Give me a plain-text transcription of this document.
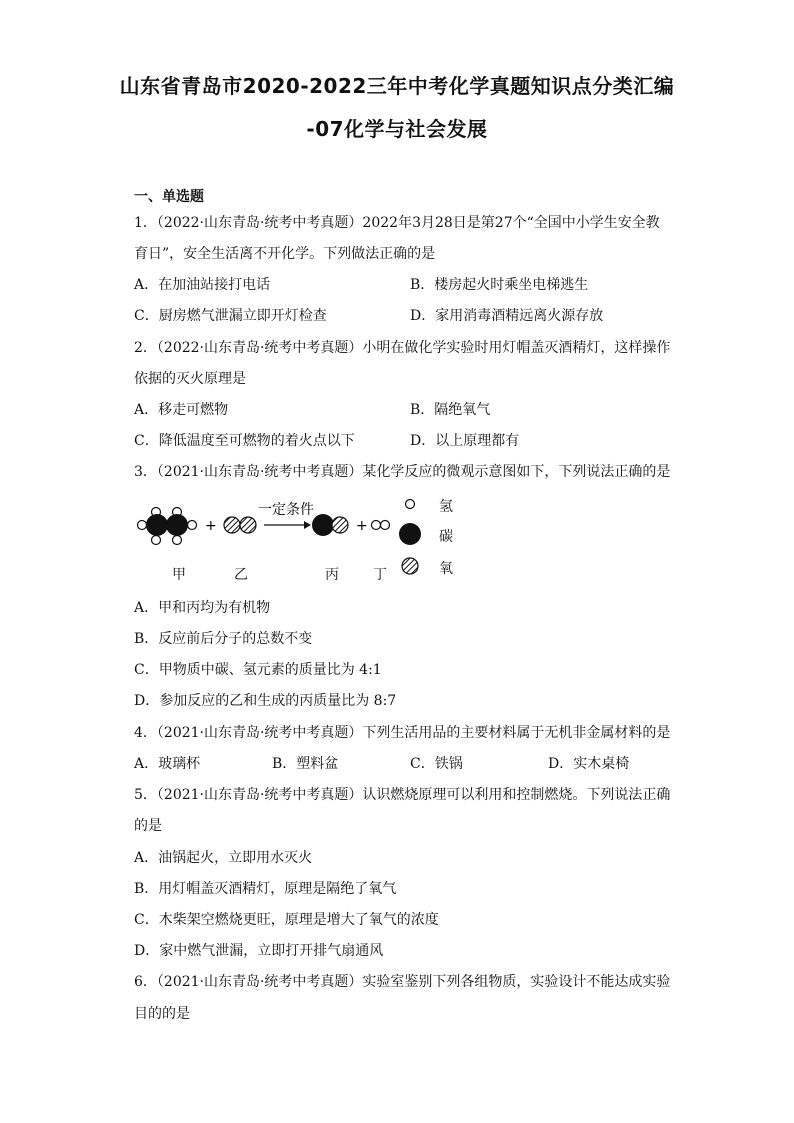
山东省青岛市2020-2022三年中考化学真题知识点分类汇编
-07化学与社会发展
一、单选题
1．（2022·山东青岛·统考中考真题）2022年3月28日是第27个“全国中小学生安全教
育日”，安全生活离不开化学。下列做法正确的是
A．在加油站接打电话	B．楼房起火时乘坐电梯逃生
C．厨房燃气泄漏立即开灯检查	D．家用消毒酒精远离火源存放
2．（2022·山东青岛·统考中考真题）小明在做化学实验时用灯帽盖灭酒精灯，这样操作
依据的灭火原理是
A．移走可燃物	B．隔绝氧气
C．降低温度至可燃物的着火点以下	D．以上原理都有
3．（2021·山东青岛·统考中考真题）某化学反应的微观示意图如下，下列说法正确的是
+
一定条件
+
氢
碳
氧
甲	乙	丙 丁
A．甲和丙均为有机物
B．反应前后分子的总数不变
C．甲物质中碳、氢元素的质量比为 4:1
D．参加反应的乙和生成的丙质量比为 8:7
4．（2021·山东青岛·统考中考真题）下列生活用品的主要材料属于无机非金属材料的是
A．玻璃杯	B．塑料盆	C．铁锅	D．实木桌椅
5．（2021·山东青岛·统考中考真题）认识燃烧原理可以利用和控制燃烧。下列说法正确
的是
A．油锅起火，立即用水灭火
B．用灯帽盖灭酒精灯，原理是隔绝了氧气
C．木柴架空燃烧更旺，原理是增大了氧气的浓度
D．家中燃气泄漏，立即打开排气扇通风
6．（2021·山东青岛·统考中考真题）实验室鉴别下列各组物质，实验设计不能达成实验
目的的是
